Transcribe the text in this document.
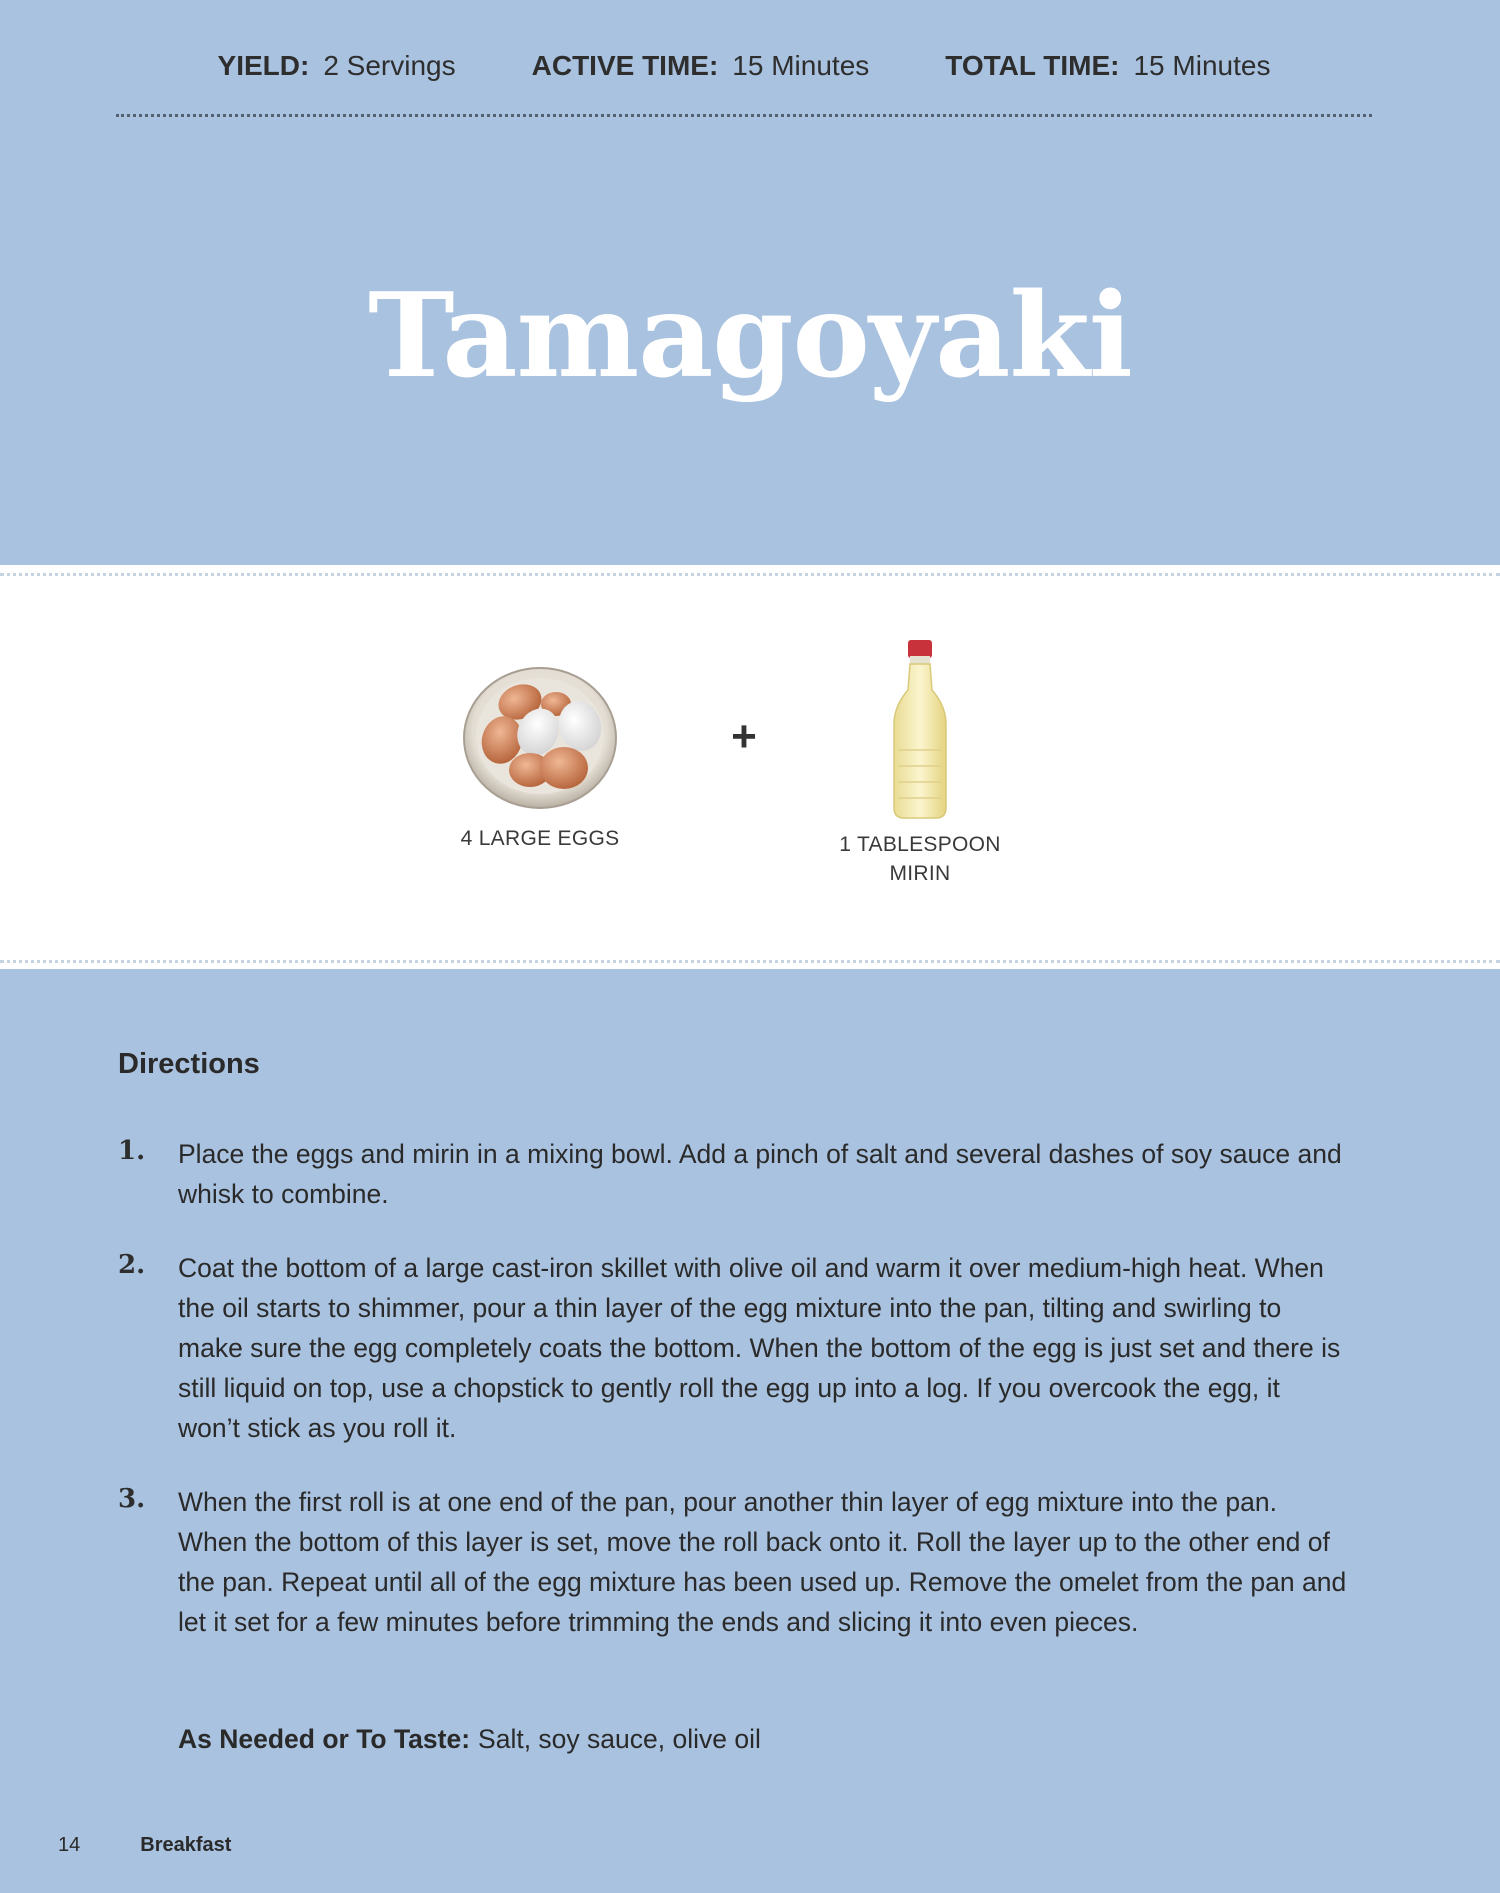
YIELD: 2 Servings	ACTIVE TIME: 15 Minutes	TOTAL TIME: 15 Minutes
Tamagoyaki
4 LARGE EGGS
+
1 TABLESPOON MIRIN
Directions
1.	Place the eggs and mirin in a mixing bowl. Add a pinch of salt and several dashes of soy sauce and whisk to combine.
2.	Coat the bottom of a large cast-iron skillet with olive oil and warm it over medium-high heat. When the oil starts to shimmer, pour a thin layer of the egg mixture into the pan, tilting and swirling to make sure the egg completely coats the bottom. When the bottom of the egg is just set and there is still liquid on top, use a chopstick to gently roll the egg up into a log. If you overcook the egg, it won’t stick as you roll it.
3.	When the first roll is at one end of the pan, pour another thin layer of egg mixture into the pan. When the bottom of this layer is set, move the roll back onto it. Roll the layer up to the other end of the pan. Repeat until all of the egg mixture has been used up. Remove the omelet from the pan and let it set for a few minutes before trimming the ends and slicing it into even pieces.
As Needed or To Taste: Salt, soy sauce, olive oil
14	Breakfast
